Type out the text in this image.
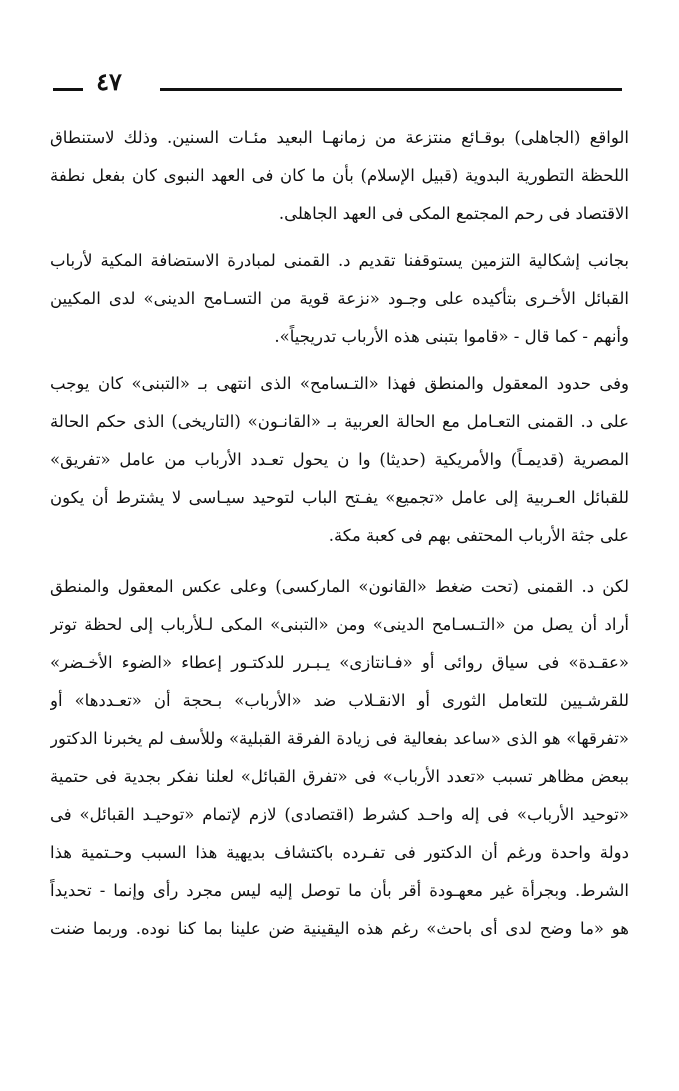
٤٧
الواقع (الجاهلى) بوقـائع منتزعة من زمانهـا البعيد مئـات السنين. وذلك لاستنطاق
اللحظة التطورية البدوية (قبيل الإسلام) بأن ما كان فى العهد النبوى كان بفعل نطفة
الاقتصاد فى رحم المجتمع المكى فى العهد الجاهلى.
بجانب إشكالية التزمين يستوقفنا تقديم د. القمنى لمبادرة الاستضافة المكية لأرباب
القبائل الأخـرى بتأكيده على وجـود «نزعة قوية من التسـامح الدينى» لدى المكيين
وأنهم - كما قال - «قاموا بتبنى هذه الأرباب تدريجياً».
وفى حدود المعقول والمنطق فهذا «التـسامح» الذى انتهى بـ «التبنى» كان يوجب
على د. القمنى التعـامل مع الحالة العربية بـ «القانـون» (التاريخى) الذى حكم الحالة
المصرية (قديمـاً) والأمريكية (حديثا) وا ن يحول تعـدد الأرباب من عامل «تفريق»
للقبائل العـربية إلى عامل «تجميع» يفـتح الباب لتوحيد سيـاسى لا يشترط أن يكون
على جثة الأرباب المحتفى بهم فى كعبة مكة.
لكن د. القمنى (تحت ضغط «القانون» الماركسى) وعلى عكس المعقول والمنطق
أراد أن يصل من «التـسـامح الدينى» ومن «التبنى» المكى لـلأرباب إلى لحظة توتر
«عقـدة» فى سياق روائى أو «فـانتازى» يـبـرر للدكتـور إعطاء «الضوء الأخـضر»
للقرشـيين للتعامل الثورى أو الانقـلاب ضد «الأرباب» بـحجة أن «تعـددها» أو
«تفرقها» هو الذى «ساعد بفعالية فى زيادة الفرقة القبلية» وللأسف لم يخبرنا الدكتور
ببعض مظاهر تسبب «تعدد الأرباب» فى «تفرق القبائل» لعلنا نفكر بجدية فى حتمية
«توحيد الأرباب» فى إله واحـد كشرط (اقتصادى) لازم لإتمام «توحيـد القبائل» فى
دولة واحدة ورغم أن الدكتور فى تفـرده باكتشاف بديهية هذا السبب وحـتمية هذا
الشرط. وبجرأة غير معهـودة أقر بأن ما توصل إليه ليس مجرد رأى وإنما - تحديداً
هو «ما وضح لدى أى باحث» رغم هذه اليقينية ضن علينا بما كنا نوده. وربما ضنت
